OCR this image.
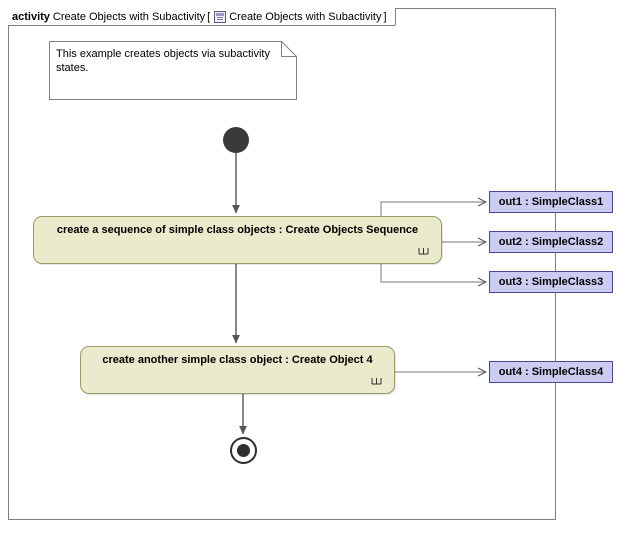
activity Create Objects with Subactivity [ Create Objects with Subactivity ]
This example creates objects via subactivity states.
create a sequence of simple class objects : Create Objects Sequence
create another simple class object : Create Object 4
out1 : SimpleClass1
out2 : SimpleClass2
out3 : SimpleClass3
out4 : SimpleClass4
